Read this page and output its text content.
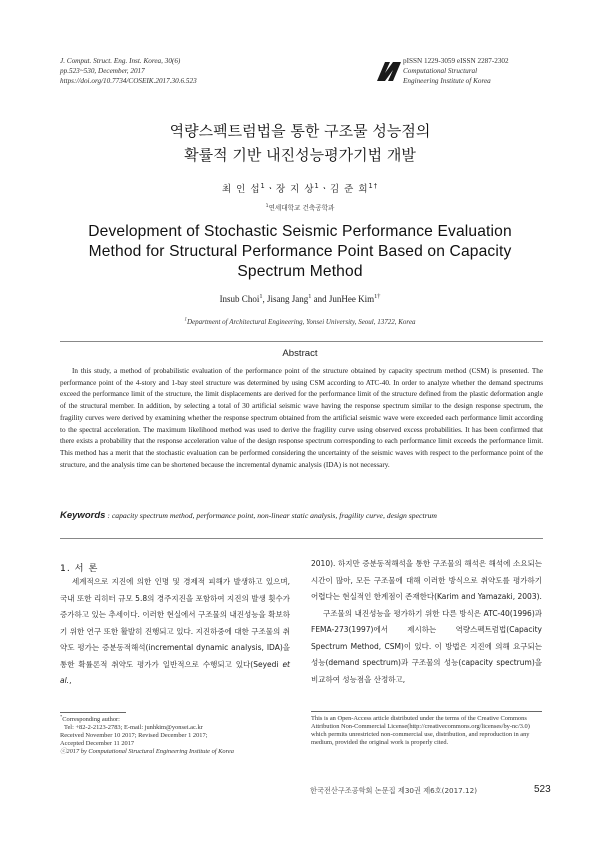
J. Comput. Struct. Eng. Inst. Korea, 30(6)
pp.523~530, December, 2017
https://doi.org/10.7734/COSEIK.2017.30.6.523
pISSN 1229-3059 eISSN 2287-2302
Computational Structural
Engineering Institute of Korea
역량스펙트럼법을 통한 구조물 성능점의
확률적 기반 내진성능평가기법 개발
최 인 섭$^1$ㆍ장 지 상$^1$ㆍ김 준 희$^{1\dagger}$
$^1$연세대학교 건축공학과
Development of Stochastic Seismic Performance Evaluation
Method for Structural Performance Point Based on Capacity
Spectrum Method
Insub Choi$^1$, Jisang Jang$^1$ and JunHee Kim$^{1\dagger}$
$^1$Department of Architectural Engineering, Yonsei University, Seoul, 13722, Korea
Abstract
In this study, a method of probabilistic evaluation of the performance point of the structure obtained by capacity spectrum method (CSM) is presented. The performance point of the 4-story and 1-bay steel structure was determined by using CSM according to ATC-40. In order to analyze whether the demand spectrums exceed the performance limit of the structure, the limit displacements are derived for the performance limit of the structure defined from the plastic deformation angle of the structural member. In addition, by selecting a total of 30 artificial seismic wave having the response spectrum similar to the design response spectrum, the fragility curves were derived by examining whether the response spectrum obtained from the artificial seismic wave were exceeded each performance limit according to the spectral acceleration. The maximum likelihood method was used to derive the fragility curve using observed excess probabilities. It has been confirmed that there exists a probability that the response acceleration value of the design response spectrum corresponding to each performance limit exceeds the performance limit. This method has a merit that the stochastic evaluation can be performed considering the uncertainty of the seismic waves with respect to the performance point of the structure, and the analysis time can be shortened because the incremental dynamic analysis (IDA) is not necessary.
Keywords : capacity spectrum method, performance point, non-linear static analysis, fragility curve, design spectrum
1. 서 론

세계적으로 지진에 의한 인명 및 경제적 피해가 발생하고 있으며, 국내 또한 리히터 규모 5.8의 경주지진을 포함하여 지진의 발생 횟수가 증가하고 있는 추세이다. 이러한 현실에서 구조물의 내진성능을 확보하기 위한 연구 또한 활발히 진행되고 있다. 지진하중에 대한 구조물의 취약도 평가는 증분동적해석(incremental dynamic analysis, IDA)을 통한 확률론적 취약도 평가가 일반적으로 수행되고 있다(Seyedi et al.,

2010). 하지만 증분동적해석을 통한 구조물의 해석은 해석에 소요되는 시간이 많아, 모든 구조물에 대해 이러한 방식으로 취약도를 평가하기 어렵다는 현실적인 한계점이 존재한다(Karim and Yamazaki, 2003).

구조물의 내진성능을 평가하기 위한 다른 방식은 ATC-40(1996)과 FEMA-273(1997)에서 제시하는 역량스펙트럼법(Capacity Spectrum Method, CSM)이 있다. 이 방법은 지진에 의해 요구되는 성능(demand spectrum)과 구조물의 성능(capacity spectrum)을 비교하여 성능점을 산정하고,

*Corresponding author:
Tel: +82-2-2123-2783; E-mail: junhkim@yonsei.ac.kr
Received November 10 2017; Revised December 1 2017;
Accepted December 11 2017
ⓒ2017 by Computational Structural Engineering Institute of Korea
This is an Open-Access article distributed under the terms of the Creative Commons Attribution Non-Commercial License(http://creativecommons.org/licenses/by-nc/3.0) which permits unrestricted non-commercial use, distribution, and reproduction in any medium, provided the original work is properly cited.
한국전산구조공학회 논문집 제30권 제6호(2017.12)	523
